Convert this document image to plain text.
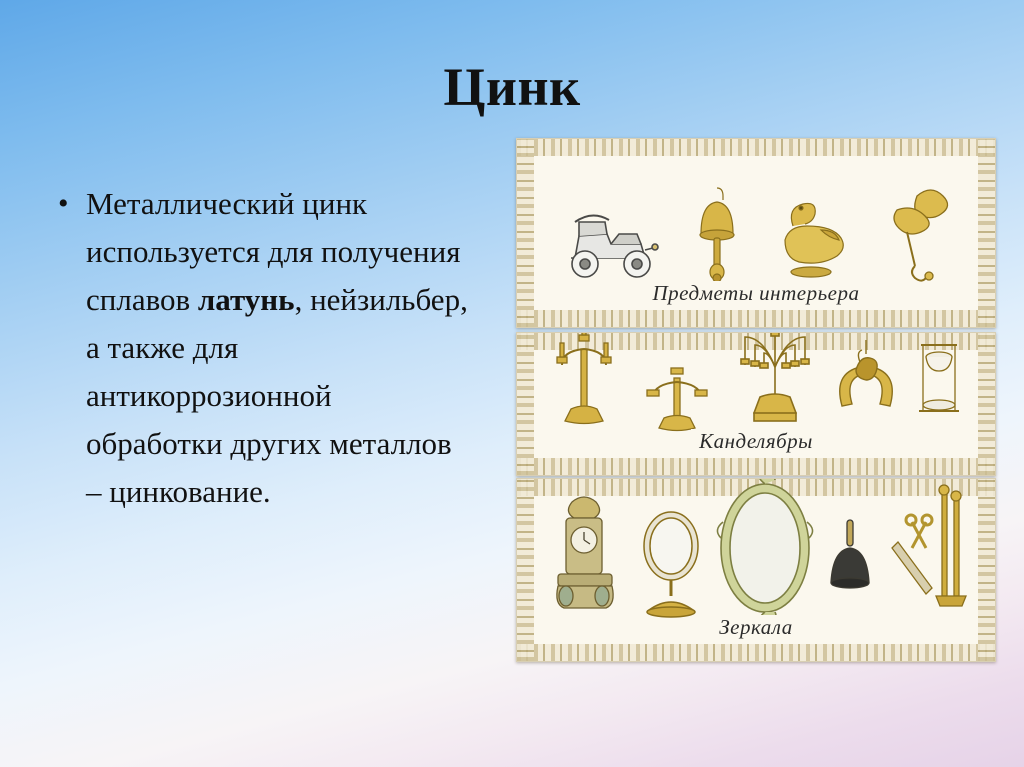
Цинк
• Металлический цинк используется для получения сплавов латунь, нейзильбер, а также для антикоррозионной обработки других металлов – цинкование.
Предметы интерьера
Канделябры
Зеркала
